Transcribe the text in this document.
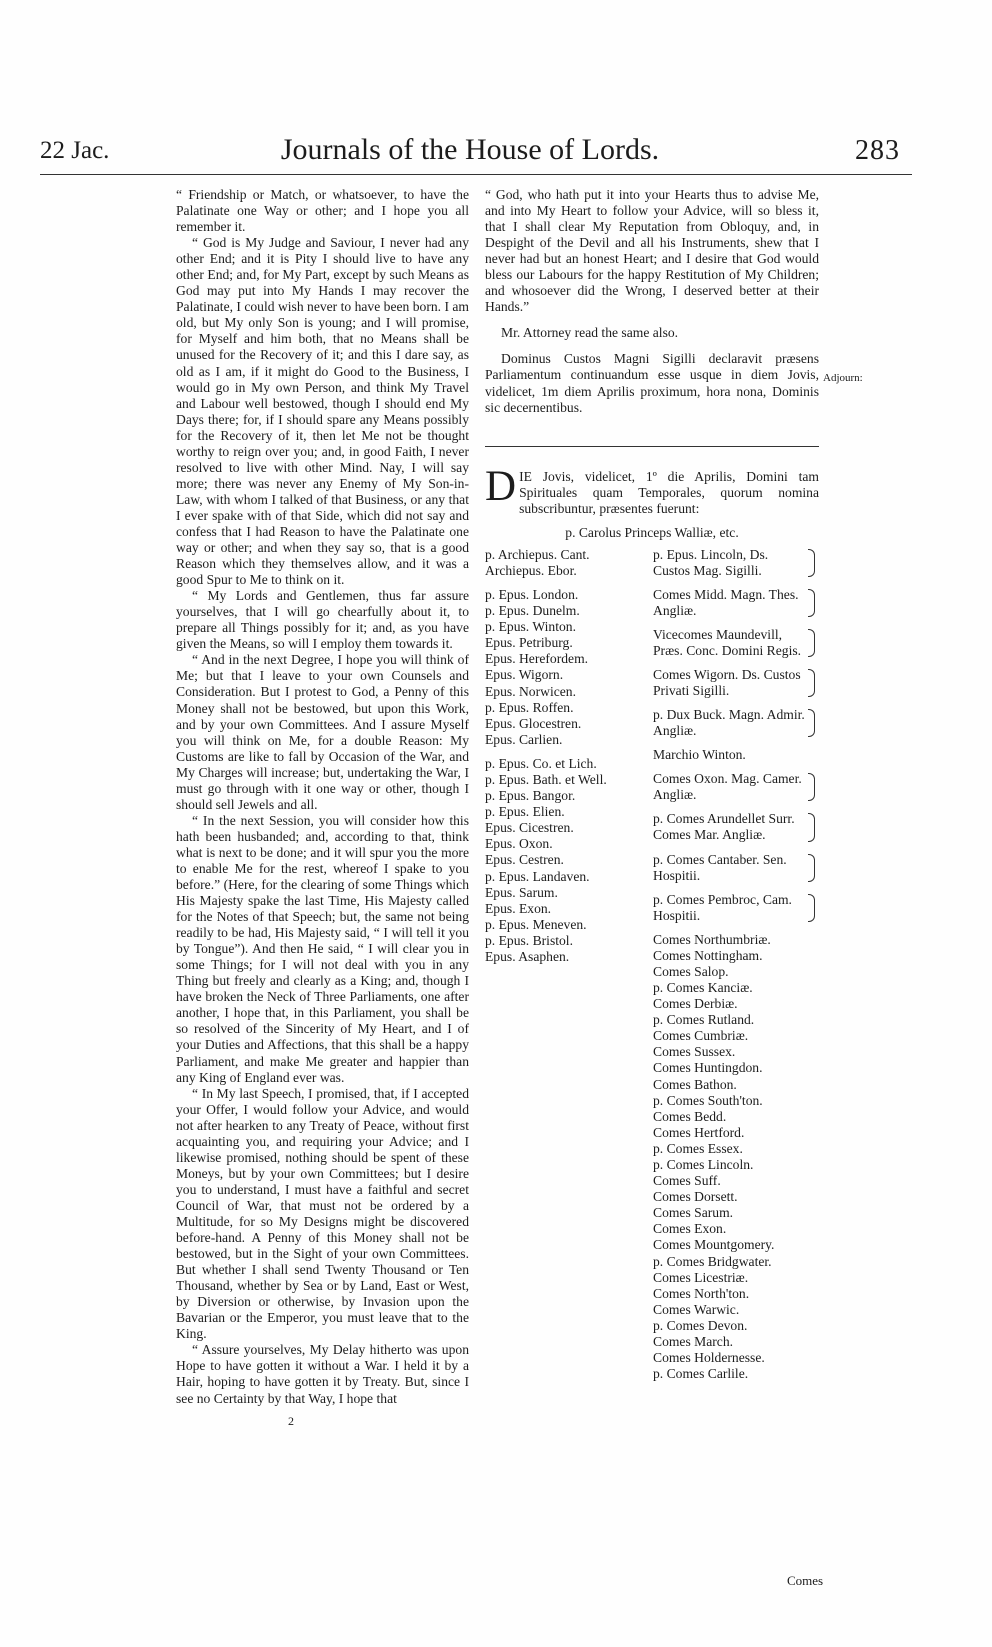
22 Jac.	Journals of the House of Lords.	283

“ Friendship or Match, or whatsoever, to have the Palatinate one Way or other; and I hope you all remember it.

“ God is My Judge and Saviour, I never had any other End; and it is Pity I should live to have any other End; and, for My Part, except by such Means as God may put into My Hands I may recover the Palatinate, I could wish never to have been born. I am old, but My only Son is young; and I will promise, for Myself and him both, that no Means shall be unused for the Recovery of it; and this I dare say, as old as I am, if it might do Good to the Business, I would go in My own Person, and think My Travel and Labour well bestowed, though I should end My Days there; for, if I should spare any Means possibly for the Recovery of it, then let Me not be thought worthy to reign over you; and, in good Faith, I never resolved to live with other Mind. Nay, I will say more; there was never any Enemy of My Son-in-Law, with whom I talked of that Business, or any that I ever spake with of that Side, which did not say and confess that I had Reason to have the Palatinate one way or other; and when they say so, that is a good Reason which they themselves allow, and it was a good Spur to Me to think on it.

“ My Lords and Gentlemen, thus far assure yourselves, that I will go chearfully about it, to prepare all Things possibly for it; and, as you have given the Means, so will I employ them towards it.

“ And in the next Degree, I hope you will think of Me; but that I leave to your own Counsels and Consideration. But I protest to God, a Penny of this Money shall not be bestowed, but upon this Work, and by your own Committees. And I assure Myself you will think on Me, for a double Reason: My Customs are like to fall by Occasion of the War, and My Charges will increase; but, undertaking the War, I must go through with it one way or other, though I should sell Jewels and all.

“ In the next Session, you will consider how this hath been husbanded; and, according to that, think what is next to be done; and it will spur you the more to enable Me for the rest, whereof I spake to you before.” (Here, for the clearing of some Things which His Majesty spake the last Time, His Majesty called for the Notes of that Speech; but, the same not being readily to be had, His Majesty said, “ I will tell it you by Tongue”). And then He said, “ I will clear you in some Things; for I will not deal with you in any Thing but freely and clearly as a King; and, though I have broken the Neck of Three Parliaments, one after another, I hope that, in this Parliament, you shall be so resolved of the Sincerity of My Heart, and I of your Duties and Affections, that this shall be a happy Parliament, and make Me greater and happier than any King of England ever was.

“ In My last Speech, I promised, that, if I accepted your Offer, I would follow your Advice, and would not after hearken to any Treaty of Peace, without first acquainting you, and requiring your Advice; and I likewise promised, nothing should be spent of these Moneys, but by your own Committees; but I desire you to understand, I must have a faithful and secret Council of War, that must not be ordered by a Multitude, for so My Designs might be discovered before-hand. A Penny of this Money shall not be bestowed, but in the Sight of your own Committees. But whether I shall send Twenty Thousand or Ten Thousand, whether by Sea or by Land, East or West, by Diversion or otherwise, by Invasion upon the Bavarian or the Emperor, you must leave that to the King.

“ Assure yourselves, My Delay hitherto was upon Hope to have gotten it without a War. I held it by a Hair, hoping to have gotten it by Treaty. But, since I see no Certainty by that Way, I hope that

2

“ God, who hath put it into your Hearts thus to advise Me, and into My Heart to follow your Advice, will so bless it, that I shall clear My Reputation from Obloquy, and, in Despight of the Devil and all his Instruments, shew that I never had but an honest Heart; and I desire that God would bless our Labours for the happy Restitution of My Children; and whosoever did the Wrong, I deserved better at their Hands.”

Mr. Attorney read the same also.

Dominus Custos Magni Sigilli declaravit præsens Parliamentum continuandum esse usque in diem Jovis, videlicet, 1m diem Aprilis proximum, hora nona, Dominis sic decernentibus.

D IE Jovis, videlicet, 1º die Aprilis, Domini tam Spirituales quam Temporales, quorum nomina subscribuntur, præsentes fuerunt:

p. Carolus Princeps Walliæ, etc.
p. Archiepus. Cant.
Archiepus. Ebor.
p. Epus. London.
p. Epus. Dunelm.
p. Epus. Winton.
Epus. Petriburg.
Epus. Herefordem.
Epus. Wigorn.
Epus. Norwicen.
p. Epus. Roffen.
Epus. Glocestren.
Epus. Carlien.
p. Epus. Co. et Lich.
p. Epus. Bath. et Well.
p. Epus. Bangor.
p. Epus. Elien.
Epus. Cicestren.
Epus. Oxon.
Epus. Cestren.
p. Epus. Landaven.
Epus. Sarum.
Epus. Exon.
p. Epus. Meneven.
p. Epus. Bristol.
Epus. Asaphen.
p. Epus. Lincoln, Ds. Custos Mag. Sigilli.
Comes Midd. Magn. Thes. Angliæ.
Vicecomes Maundevill, Præs. Conc. Domini Regis.
Comes Wigorn. Ds. Custos Privati Sigilli.
p. Dux Buck. Magn. Admir. Angliæ.
Marchio Winton.
Comes Oxon. Mag. Camer. Angliæ.
p. Comes Arundellet Surr. Comes Mar. Angliæ.
p. Comes Cantaber. Sen. Hospitii.
p. Comes Pembroc, Cam. Hospitii.
Comes Northumbriæ.
Comes Nottingham.
Comes Salop.
p. Comes Kanciæ.
Comes Derbiæ.
p. Comes Rutland.
Comes Cumbriæ.
Comes Sussex.
Comes Huntingdon.
Comes Bathon.
p. Comes South'ton.
Comes Bedd.
Comes Hertford.
p. Comes Essex.
p. Comes Lincoln.
Comes Suff.
Comes Dorsett.
Comes Sarum.
Comes Exon.
Comes Mountgomery.
p. Comes Bridgwater.
Comes Licestriæ.
Comes North'ton.
Comes Warwic.
p. Comes Devon.
Comes March.
Comes Holdernesse.
p. Comes Carlile.
Adjourn:
Comes
